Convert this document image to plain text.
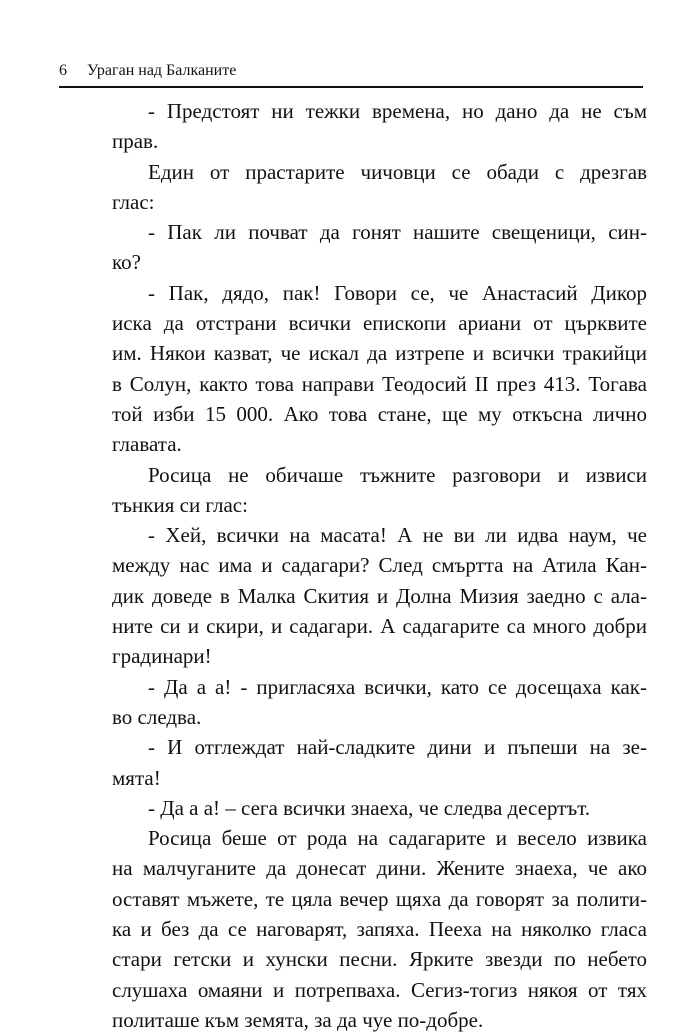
6 Ураган над Балканите
- Предстоят ни тежки времена, но дано да не съм
прав.
Един от прастарите чичовци се обади с дрезгав
глас:
- Пак ли почват да гонят нашите свещеници, син-
ко?
- Пак, дядо, пак! Говори се, че Анастасий Дикор
иска да отстрани всички епископи ариани от църквите
им. Някои казват, че искал да изтрепе и всички тракийци
в Солун, както това направи Теодосий II през 413. Тогава
той изби 15 000. Ако това стане, ще му откъсна лично
главата.
Росица не обичаше тъжните разговори и извиси
тънкия си глас:
- Хей, всички на масата! А не ви ли идва наум, че
между нас има и садагари? След смъртта на Атила Кан-
дик доведе в Малка Скития и Долна Мизия заедно с ала-
ните си и скири, и садагари. А садагарите са много добри
градинари!
- Да а а! - пригласяха всички, като се досещаха как-
во следва.
- И отглеждат най-сладките дини и пъпеши на зе-
мята!
- Да а а! – сега всички знаеха, че следва десертът.
Росица беше от рода на садагарите и весело извика
на малчуганите да донесат дини. Жените знаеха, че ако
оставят мъжете, те цяла вечер щяха да говорят за полити-
ка и без да се наговарят, запяха. Пееха на няколко гласа
стари гетски и хунски песни. Ярките звезди по небето
слушаха омаяни и потрепваха. Сегиз-тогиз някоя от тях
политаше към земята, за да чуе по-добре.
